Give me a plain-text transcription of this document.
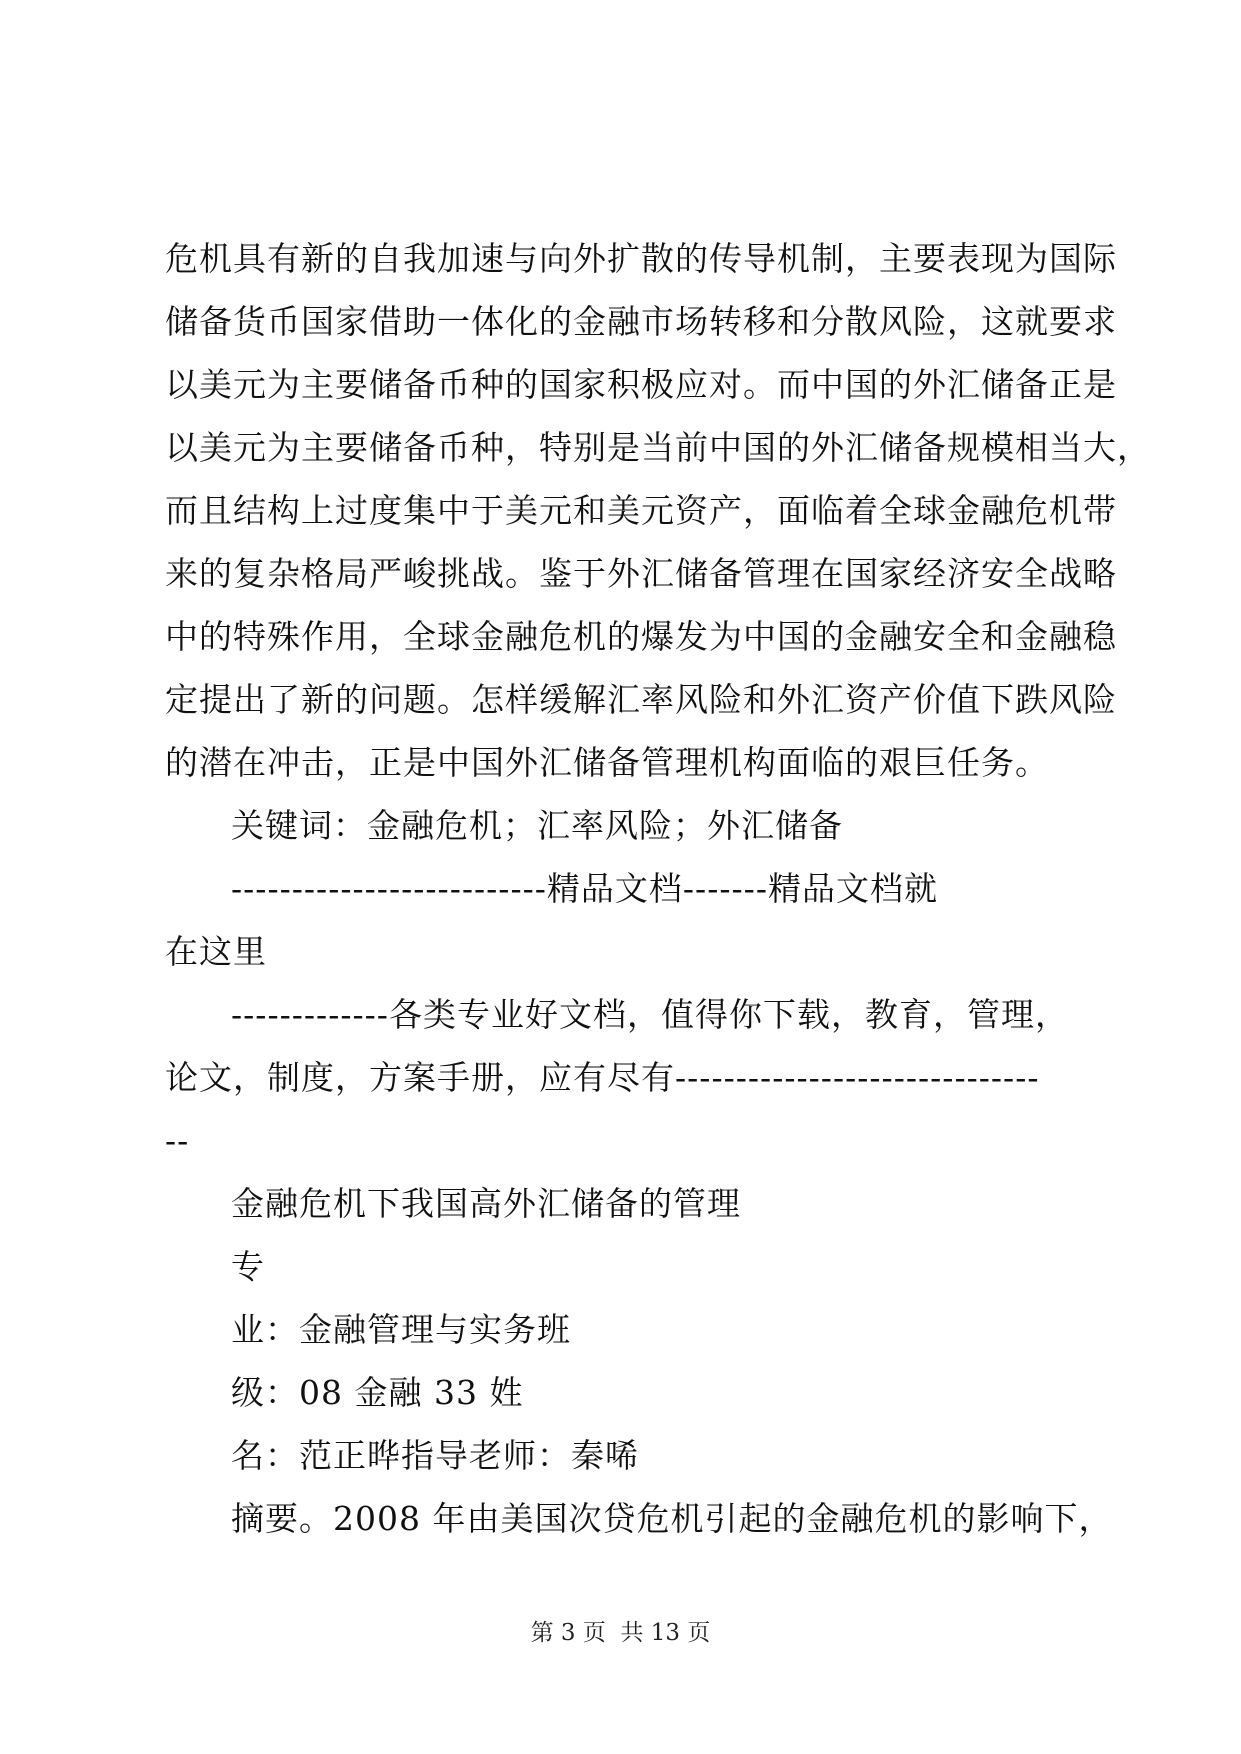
危机具有新的自我加速与向外扩散的传导机制，主要表现为国际
储备货币国家借助一体化的金融市场转移和分散风险，这就要求
以美元为主要储备币种的国家积极应对。而中国的外汇储备正是
以美元为主要储备币种，特别是当前中国的外汇储备规模相当大，
而且结构上过度集中于美元和美元资产，面临着全球金融危机带
来的复杂格局严峻挑战。鉴于外汇储备管理在国家经济安全战略
中的特殊作用，全球金融危机的爆发为中国的金融安全和金融稳
定提出了新的问题。怎样缓解汇率风险和外汇资产价值下跌风险
的潜在冲击，正是中国外汇储备管理机构面临的艰巨任务。
关键词：金融危机；汇率风险；外汇储备
--------------------------精品文档-------精品文档就
在这里
-------------各类专业好文档，值得你下载，教育，管理，
论文，制度，方案手册，应有尽有------------------------------
--
金融危机下我国高外汇储备的管理
专
业：金融管理与实务班
级：08 金融 33 姓
名：范正晔指导老师：秦唏
摘要。2008 年由美国次贷危机引起的金融危机的影响下，
第 3 页  共 13 页
